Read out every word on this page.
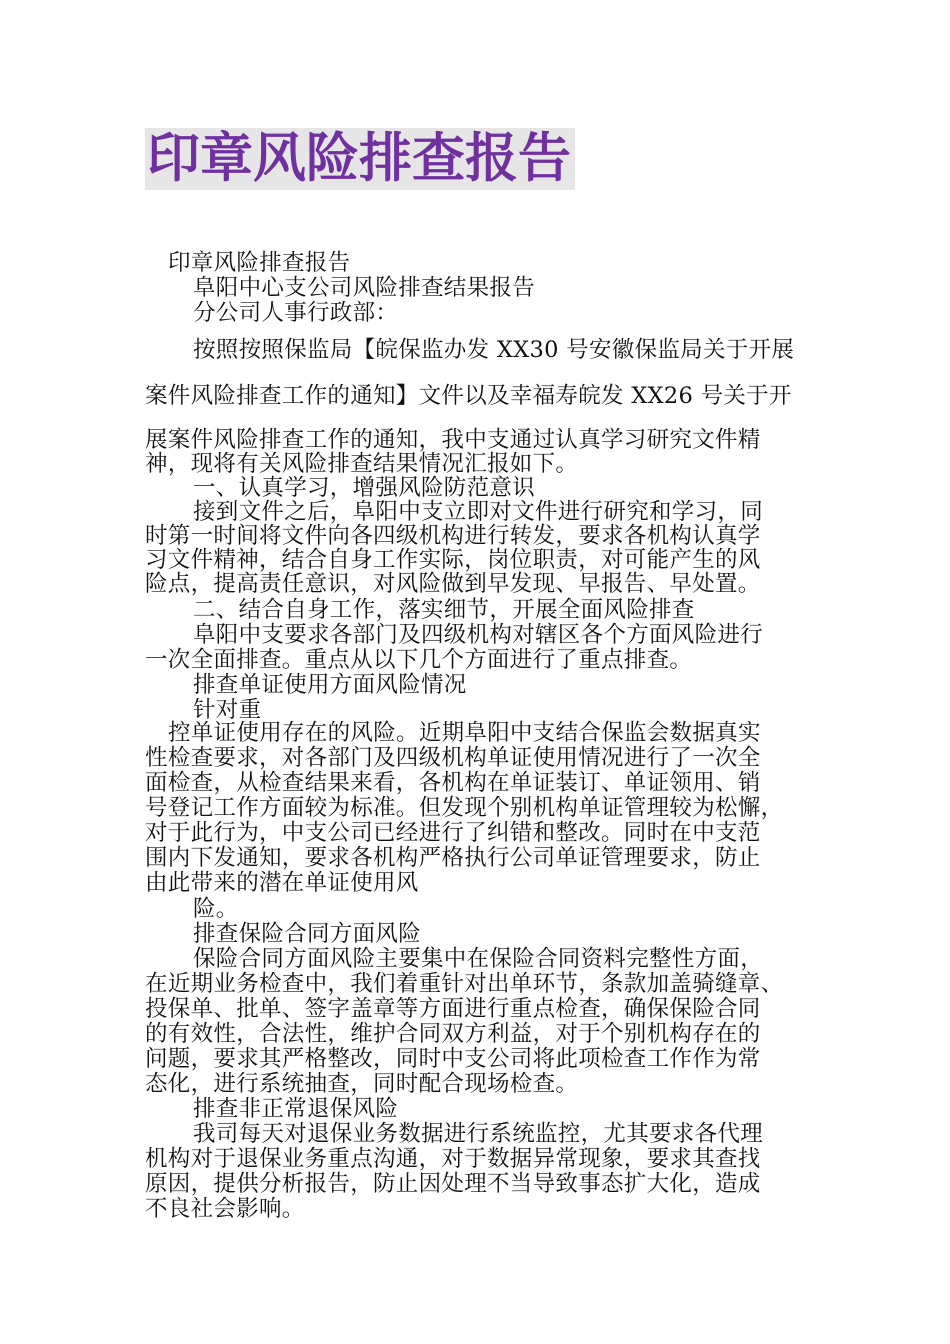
印章风险排查报告
印章风险排查报告
阜阳中心支公司风险排查结果报告
分公司人事行政部：
按照按照保监局【皖保监办发 XX30 号安徽保监局关于开展
案件风险排查工作的通知】文件以及幸福寿皖发 XX26 号关于开
展案件风险排查工作的通知，我中支通过认真学习研究文件精
神，现将有关风险排查结果情况汇报如下。
一、认真学习，增强风险防范意识
接到文件之后，阜阳中支立即对文件进行研究和学习，同
时第一时间将文件向各四级机构进行转发，要求各机构认真学
习文件精神，结合自身工作实际，岗位职责，对可能产生的风
险点，提高责任意识，对风险做到早发现、早报告、早处置。
二、结合自身工作，落实细节，开展全面风险排查
阜阳中支要求各部门及四级机构对辖区各个方面风险进行
一次全面排查。重点从以下几个方面进行了重点排查。
排查单证使用方面风险情况
针对重
控单证使用存在的风险。近期阜阳中支结合保监会数据真实
性检查要求，对各部门及四级机构单证使用情况进行了一次全
面检查，从检查结果来看，各机构在单证装订、单证领用、销
号登记工作方面较为标准。但发现个别机构单证管理较为松懈，
对于此行为，中支公司已经进行了纠错和整改。同时在中支范
围内下发通知，要求各机构严格执行公司单证管理要求，防止
由此带来的潜在单证使用风
险。
排查保险合同方面风险
保险合同方面风险主要集中在保险合同资料完整性方面，
在近期业务检查中，我们着重针对出单环节，条款加盖骑缝章、
投保单、批单、签字盖章等方面进行重点检查，确保保险合同
的有效性，合法性，维护合同双方利益，对于个别机构存在的
问题，要求其严格整改，同时中支公司将此项检查工作作为常
态化，进行系统抽查，同时配合现场检查。
排查非正常退保风险
我司每天对退保业务数据进行系统监控，尤其要求各代理
机构对于退保业务重点沟通，对于数据异常现象，要求其查找
原因，提供分析报告，防止因处理不当导致事态扩大化，造成
不良社会影响。
